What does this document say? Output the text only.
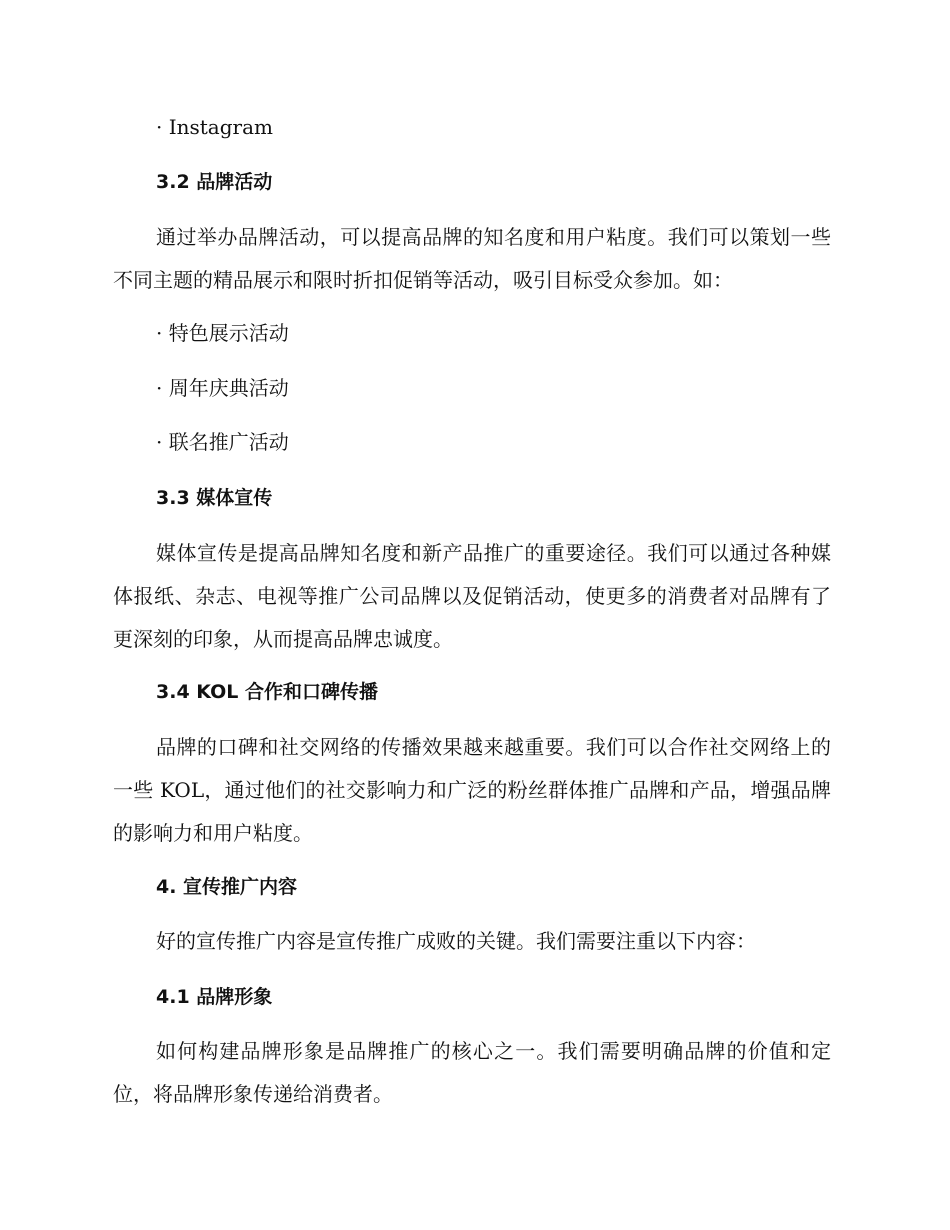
· Instagram
3.2 品牌活动

通过举办品牌活动，可以提高品牌的知名度和用户粘度。我们可以策划一些不同主题的精品展示和限时折扣促销等活动，吸引目标受众参加。如：

· 特色展示活动
· 周年庆典活动
· 联名推广活动
3.3 媒体宣传

媒体宣传是提高品牌知名度和新产品推广的重要途径。我们可以通过各种媒体报纸、杂志、电视等推广公司品牌以及促销活动，使更多的消费者对品牌有了更深刻的印象，从而提高品牌忠诚度。

3.4 KOL 合作和口碑传播

品牌的口碑和社交网络的传播效果越来越重要。我们可以合作社交网络上的一些 KOL，通过他们的社交影响力和广泛的粉丝群体推广品牌和产品，增强品牌的影响力和用户粘度。

4. 宣传推广内容

好的宣传推广内容是宣传推广成败的关键。我们需要注重以下内容：

4.1 品牌形象

如何构建品牌形象是品牌推广的核心之一。我们需要明确品牌的价值和定位，将品牌形象传递给消费者。
